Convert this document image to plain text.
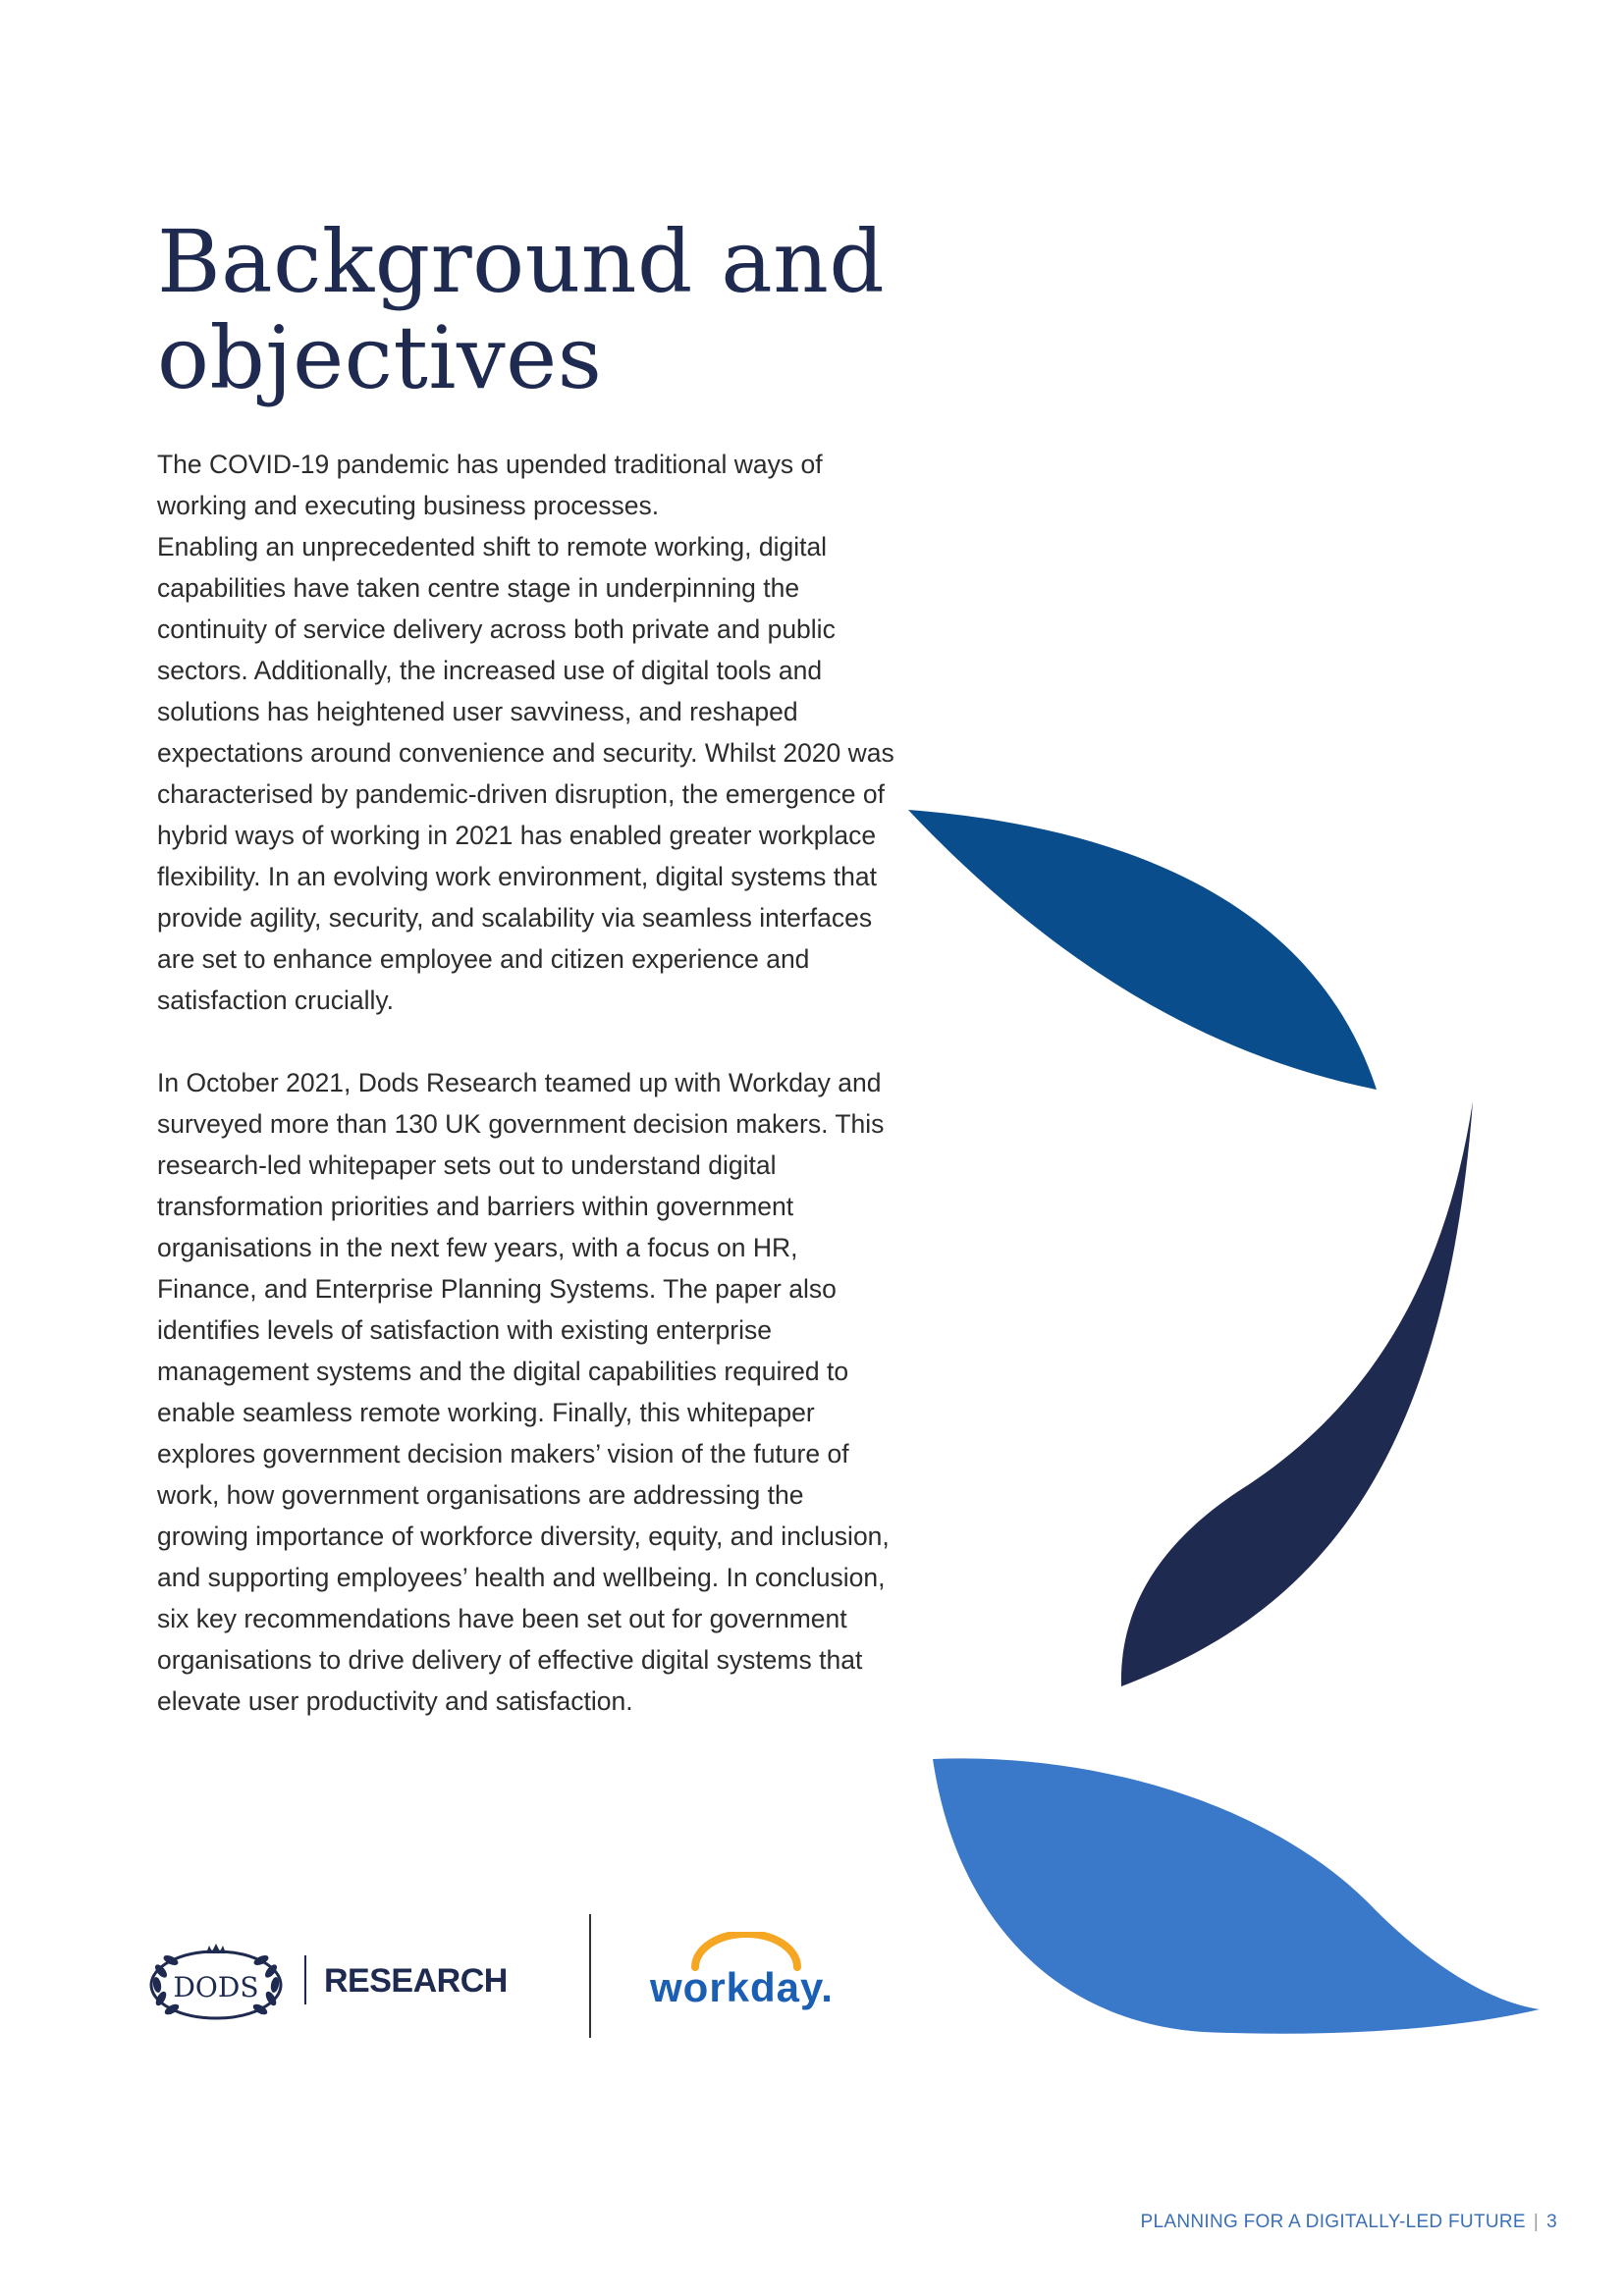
Background and
objectives

The COVID-19 pandemic has upended traditional ways of working and executing business processes.

Enabling an unprecedented shift to remote working, digital capabilities have taken centre stage in underpinning the continuity of service delivery across both private and public sectors. Additionally, the increased use of digital tools and solutions has heightened user savviness, and reshaped expectations around convenience and security. Whilst 2020 was characterised by pandemic-driven disruption, the emergence of hybrid ways of working in 2021 has enabled greater workplace flexibility. In an evolving work environment, digital systems that provide agility, security, and scalability via seamless interfaces are set to enhance employee and citizen experience and satisfaction crucially.

In October 2021, Dods Research teamed up with Workday and surveyed more than 130 UK government decision makers. This research-led whitepaper sets out to understand digital transformation priorities and barriers within government organisations in the next few years, with a focus on HR, Finance, and Enterprise Planning Systems. The paper also identifies levels of satisfaction with existing enterprise management systems and the digital capabilities required to enable seamless remote working. Finally, this whitepaper explores government decision makers’ vision of the future of work, how government organisations are addressing the growing importance of workforce diversity, equity, and inclusion, and supporting employees’ health and wellbeing. In conclusion, six key recommendations have been set out for government organisations to drive delivery of effective digital systems that elevate user productivity and satisfaction.

DODS RESEARCH	workday.
PLANNING FOR A DIGITALLY-LED FUTURE | 3
